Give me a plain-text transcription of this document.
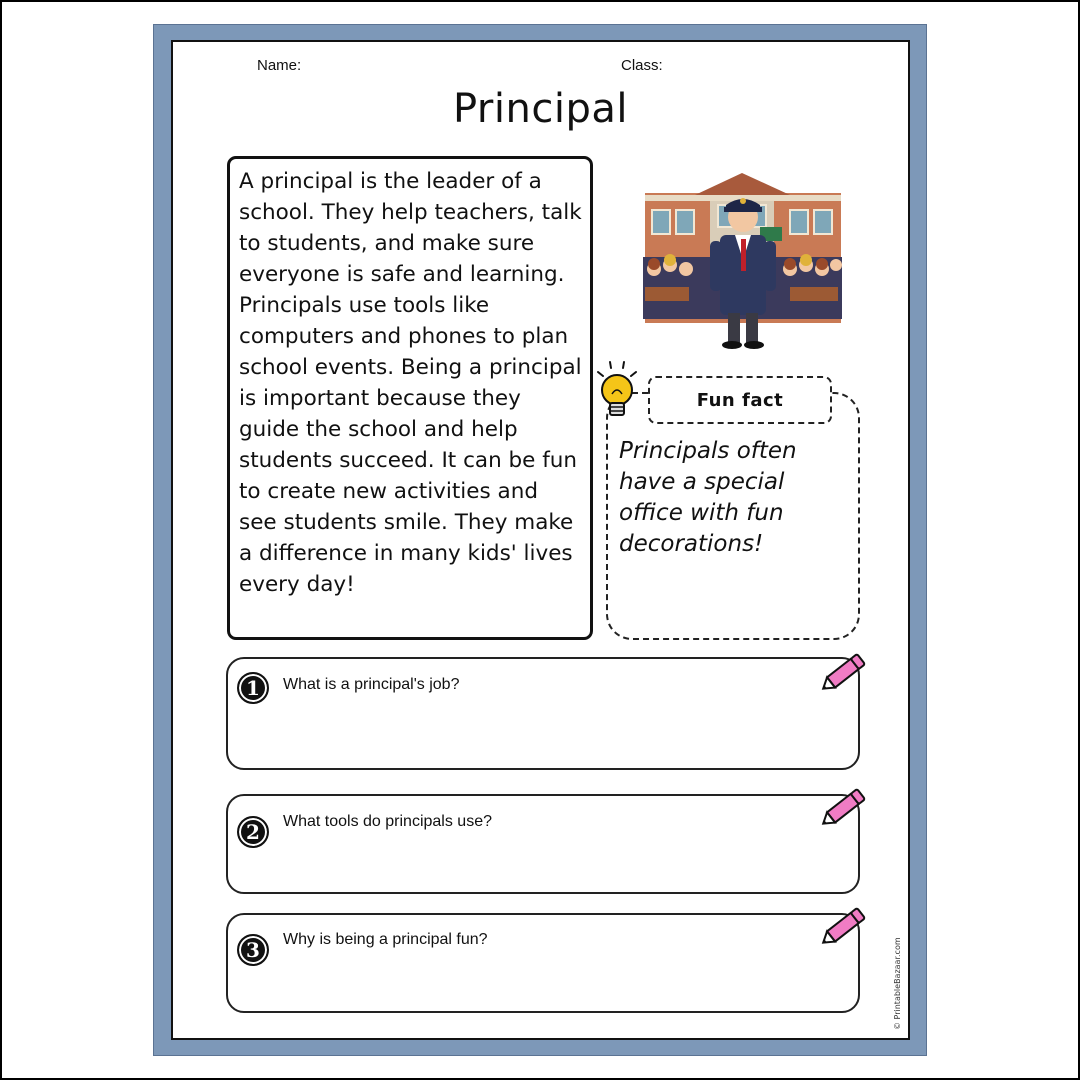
Name:	Class:
Principal
A principal is the leader of a school. They help teachers, talk to students, and make sure everyone is safe and learning. Principals use tools like computers and phones to plan school events. Being a principal is important because they guide the school and help students succeed. It can be fun to create new activities and see students smile. They make a difference in many kids' lives every day!
Fun fact
Principals often have a special office with fun decorations!
1	What is a principal's job?
2	What tools do principals use?
3	Why is being a principal fun?	© PrintableBazaar.com
